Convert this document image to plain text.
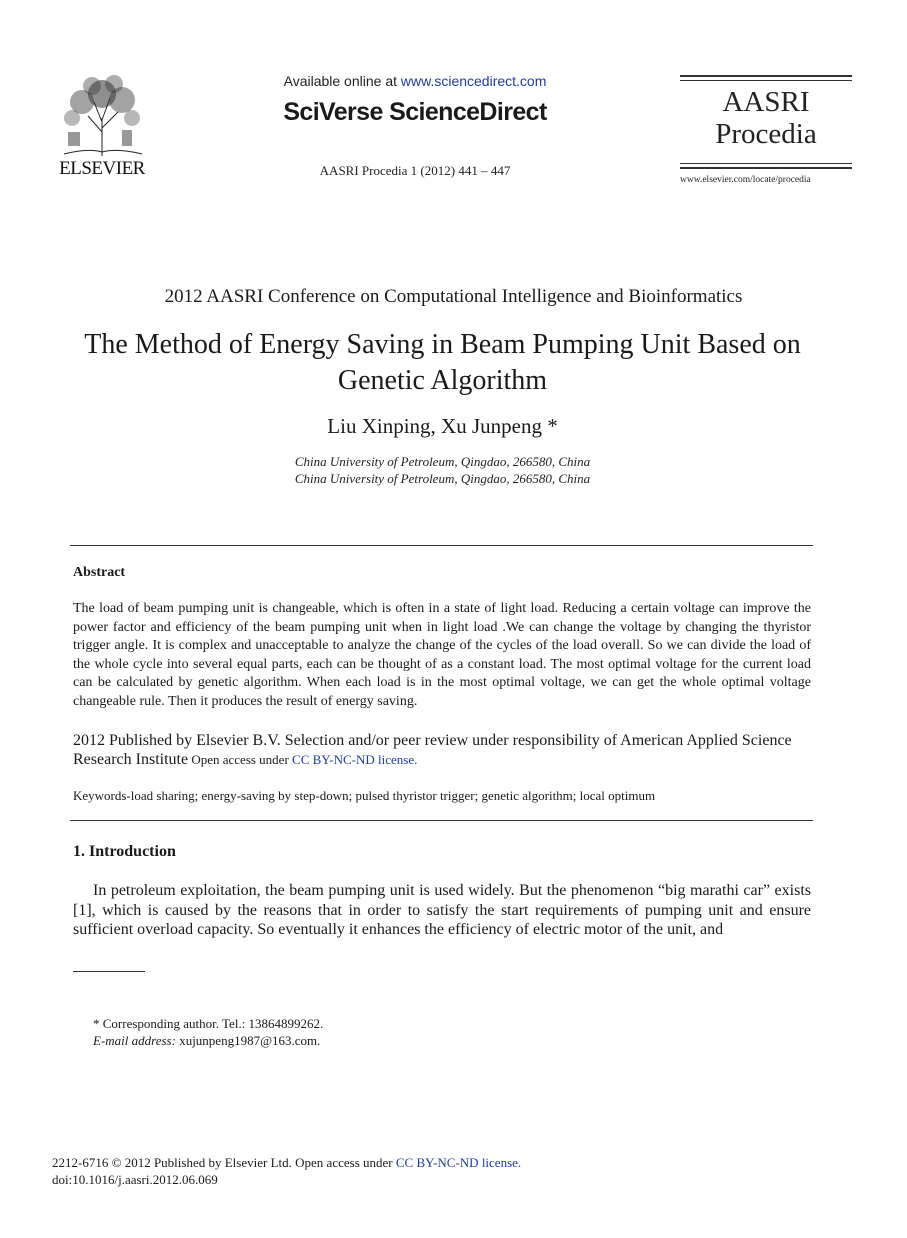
ELSEVIER
Available online at www.sciencedirect.com
SciVerse ScienceDirect
AASRI Procedia 1 (2012) 441 – 447
AASRI
Procedia
www.elsevier.com/locate/procedia
2012 AASRI Conference on Computational Intelligence and Bioinformatics
The Method of Energy Saving in Beam Pumping Unit Based on Genetic Algorithm
Liu Xinping, Xu Junpeng *
China University of Petroleum, Qingdao, 266580, China
China University of Petroleum, Qingdao, 266580, China
Abstract
The load of beam pumping unit is changeable, which is often in a state of light load. Reducing a certain voltage can improve the power factor and efficiency of the beam pumping unit when in light load .We can change the voltage by changing the thyristor trigger angle. It is complex and unacceptable to analyze the change of the cycles of the load overall. So we can divide the load of the whole cycle into several equal parts, each can be thought of as a constant load. The most optimal voltage for the current load can be calculated by genetic algorithm. When each load is in the most optimal voltage, we can get the whole optimal voltage changeable rule. Then it produces the result of energy saving.
2012 Published by Elsevier B.V. Selection and/or peer review under responsibility of American Applied Science Research Institute Open access under CC BY-NC-ND license.
Keywords-load sharing; energy-saving by step-down; pulsed thyristor trigger; genetic algorithm; local optimum
1. Introduction
In petroleum exploitation, the beam pumping unit is used widely. But the phenomenon “big marathi car” exists [1], which is caused by the reasons that in order to satisfy the start requirements of pumping unit and ensure sufficient overload capacity. So eventually it enhances the efficiency of electric motor of the unit, and
* Corresponding author. Tel.: 13864899262.
E-mail address: xujunpeng1987@163.com.
2212-6716 © 2012 Published by Elsevier Ltd. Open access under CC BY-NC-ND license.
doi:10.1016/j.aasri.2012.06.069
